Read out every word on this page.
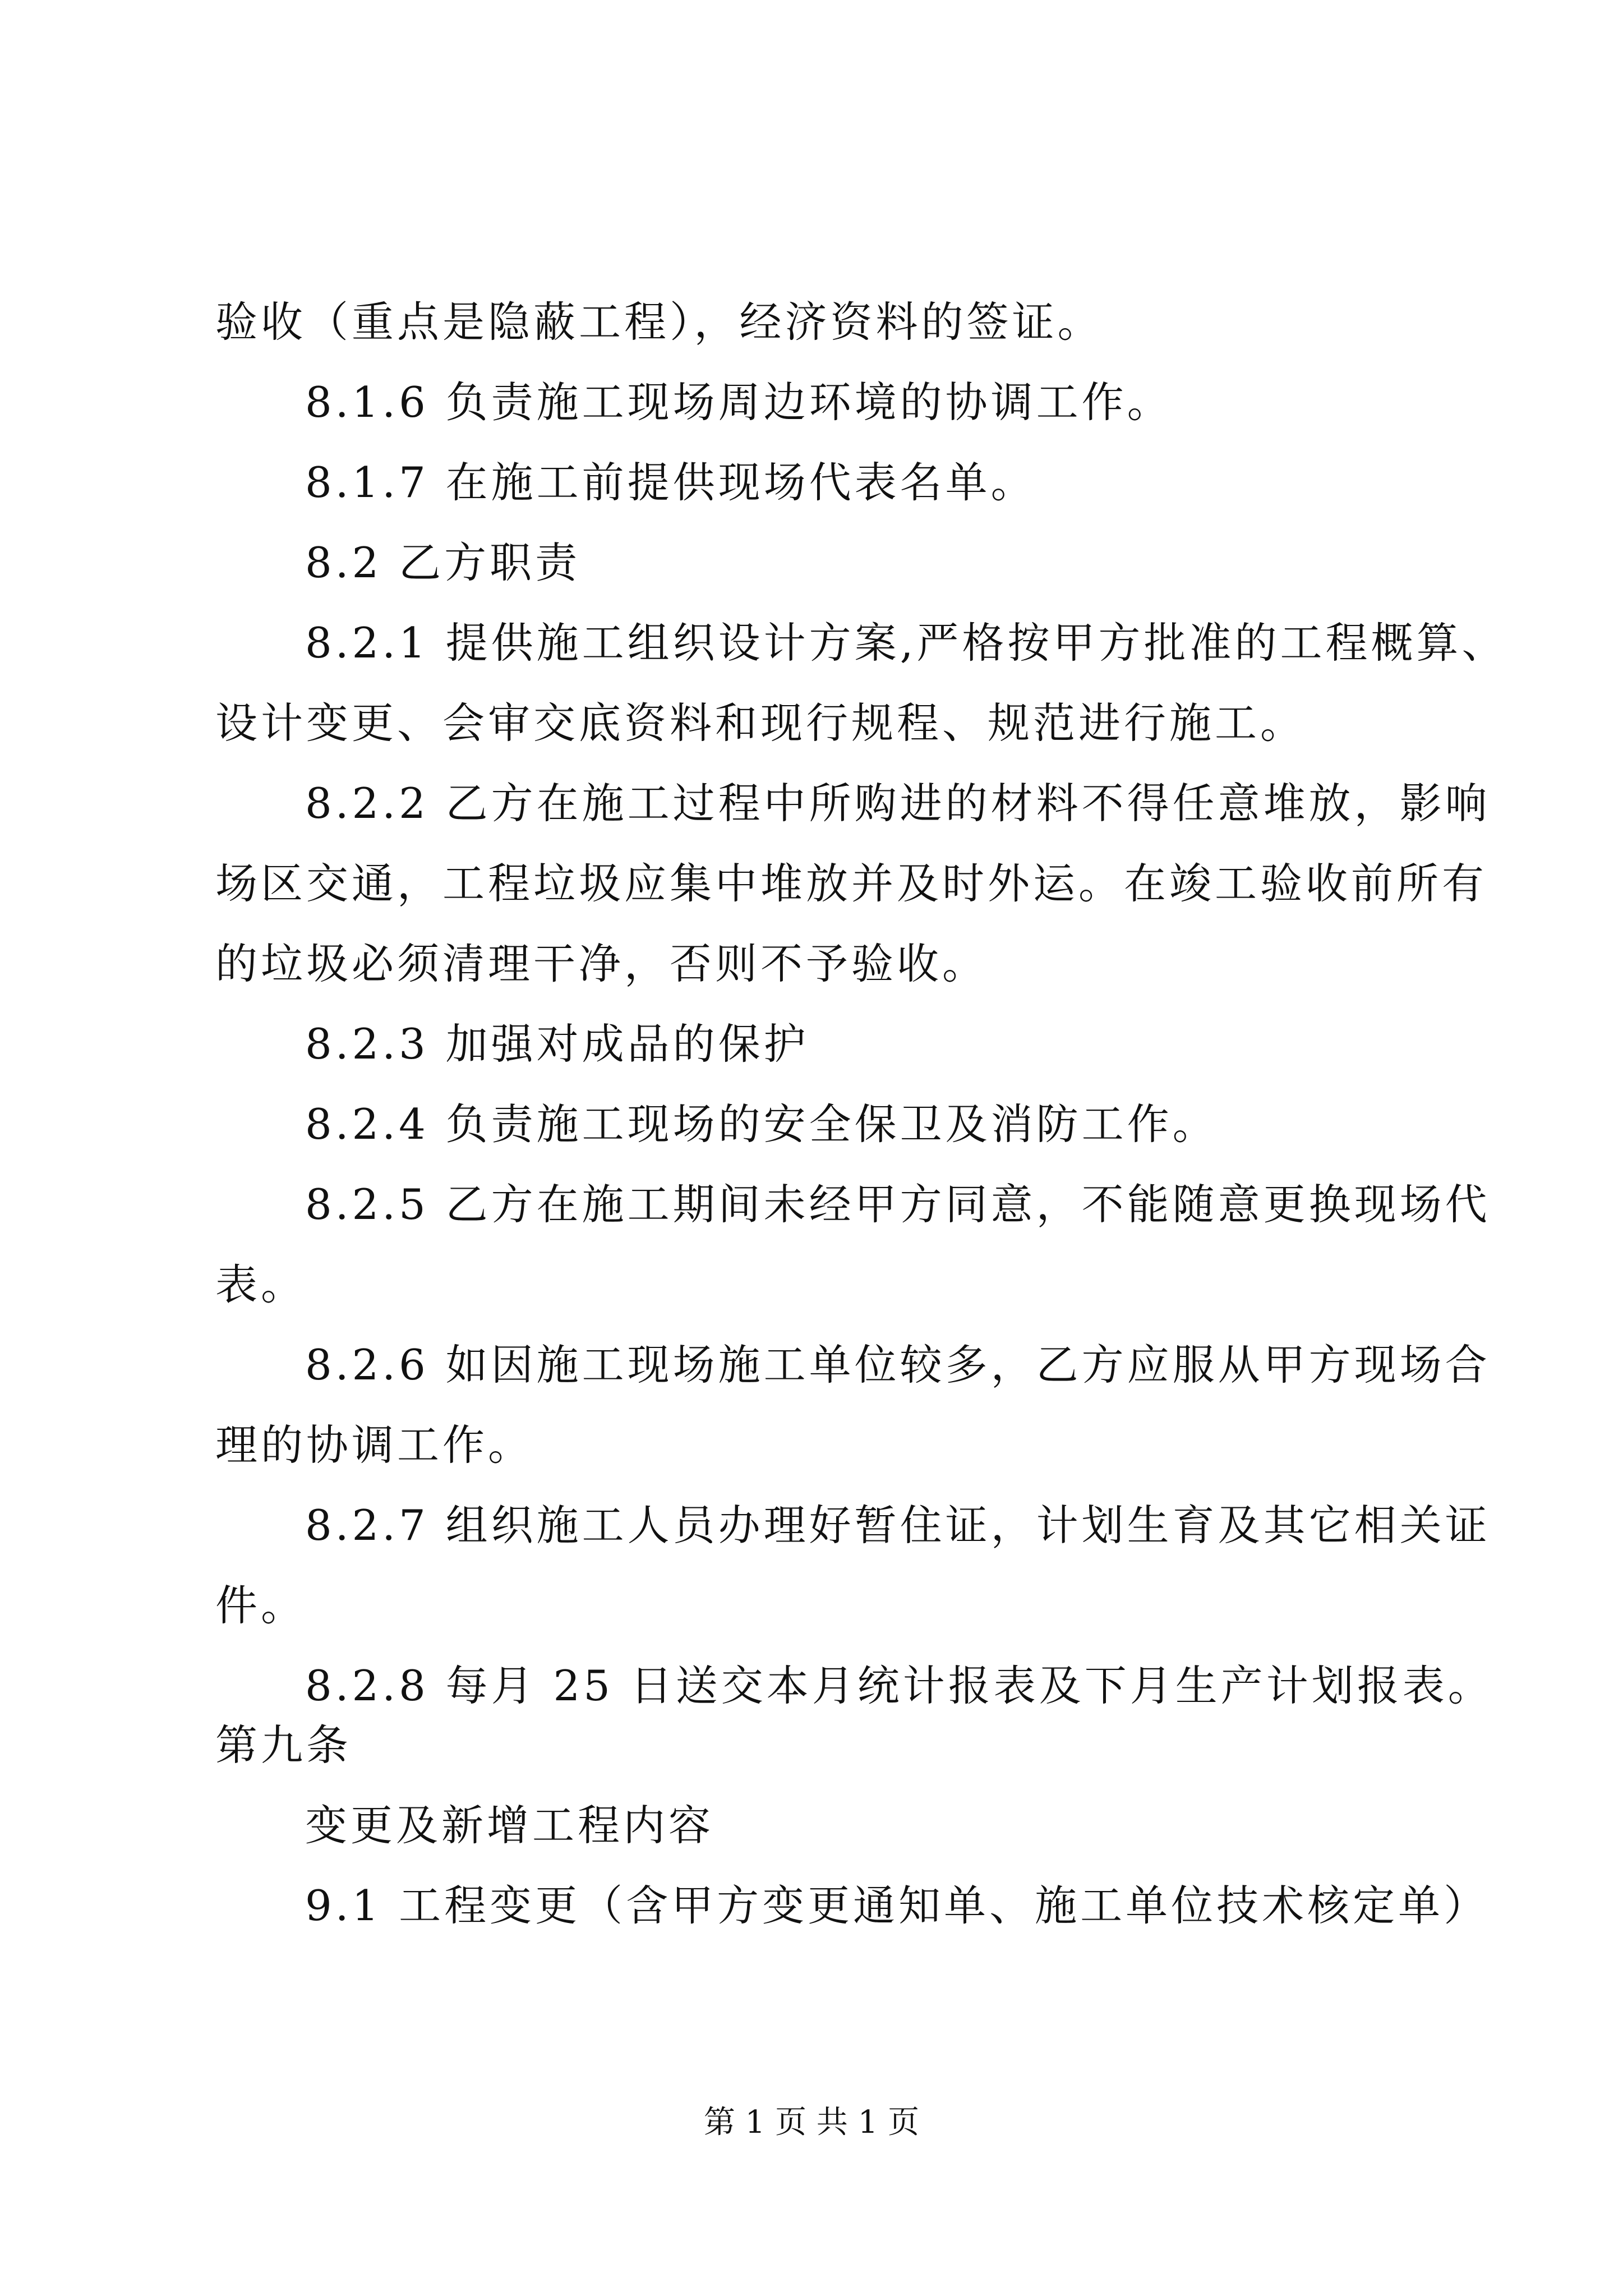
验收（重点是隐蔽工程），经济资料的签证。
8.1.6 负责施工现场周边环境的协调工作。
8.1.7 在施工前提供现场代表名单。
8.2 乙方职责
8.2.1 提供施工组织设计方案,严格按甲方批准的工程概算、
设计变更、会审交底资料和现行规程、规范进行施工。
8.2.2 乙方在施工过程中所购进的材料不得任意堆放，影响
场区交通，工程垃圾应集中堆放并及时外运。在竣工验收前所有
的垃圾必须清理干净，否则不予验收。
8.2.3 加强对成品的保护
8.2.4 负责施工现场的安全保卫及消防工作。
8.2.5 乙方在施工期间未经甲方同意，不能随意更换现场代
表。
8.2.6 如因施工现场施工单位较多，乙方应服从甲方现场合
理的协调工作。
8.2.7 组织施工人员办理好暂住证，计划生育及其它相关证
件。
8.2.8 每月 25 日送交本月统计报表及下月生产计划报表。
第九条
变更及新增工程内容
9.1 工程变更（含甲方变更通知单、施工单位技术核定单）
第 1 页 共 1 页
